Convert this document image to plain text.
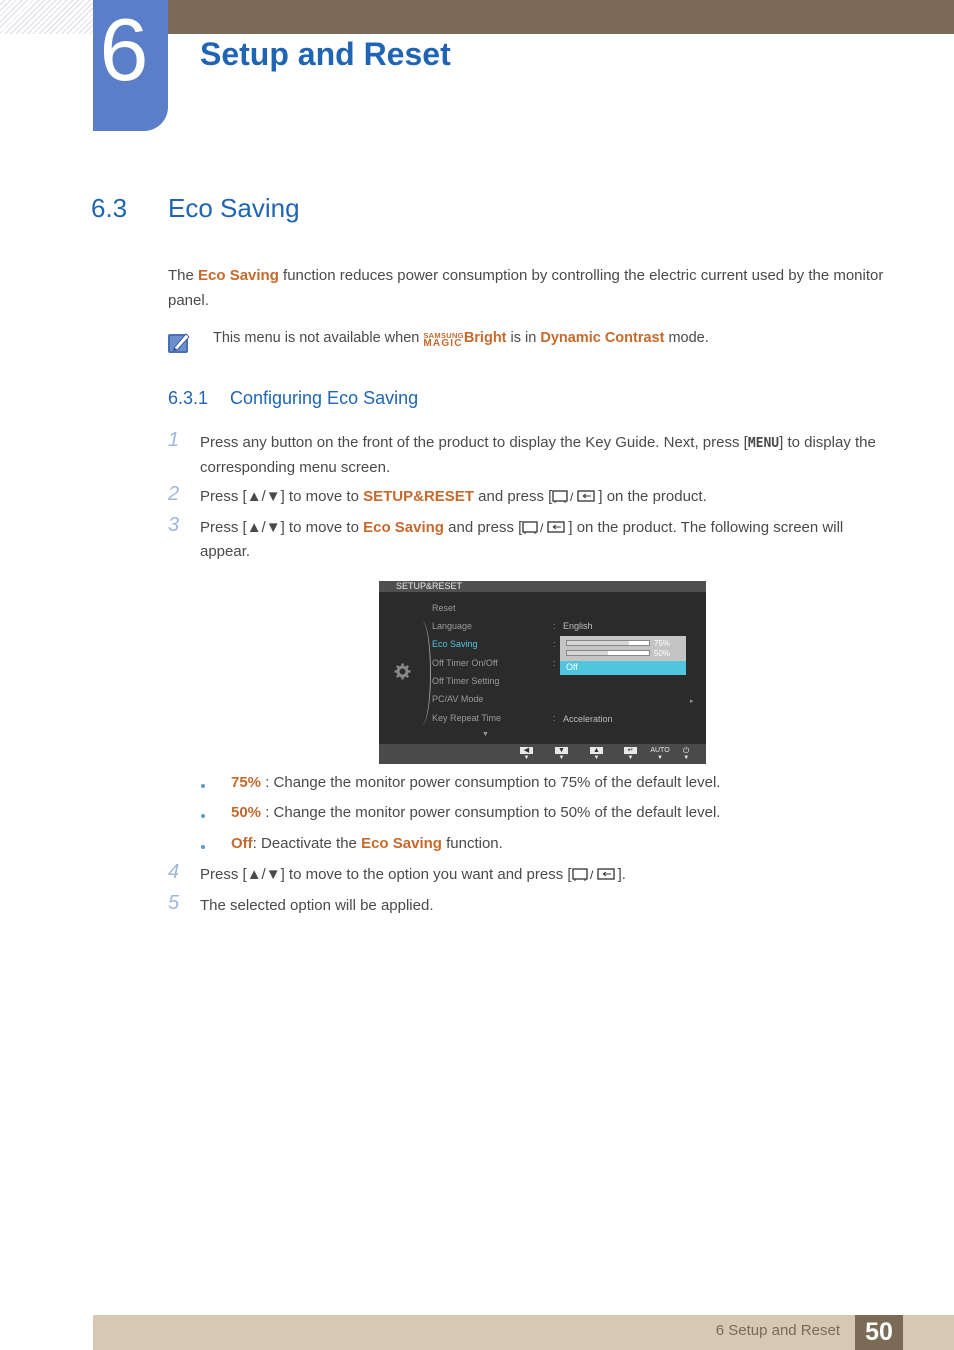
6 Setup and Reset
6.3 Eco Saving

The Eco Saving function reduces power consumption by controlling the electric current used by the monitor panel.

This menu is not available when SAMSUNG
MAGIC Bright is in Dynamic Contrast mode.
6.3.1 Configuring Eco Saving
1 Press any button on the front of the product to display the Key Guide. Next, press [MENU] to display the corresponding menu screen.
2 Press [▲/▼] to move to SETUP&RESET and press [ / ] on the product.
3 Press [▲/▼] to move to Eco Saving and press [ / ] on the product. The following screen will appear.
SETUP&RESET
Reset
Language	: English
Eco Saving	:
Off Timer On/Off	:
Off Timer Setting
PC/AV Mode	▸
Key Repeat Time	: Acceleration
▼
75%
50%
Off
◀
▼
▼
▼
▲
▼
↵
▼
AUTO
▼
⏻
▼
75% : Change the monitor power consumption to 75% of the default level.
50% : Change the monitor power consumption to 50% of the default level.
Off: Deactivate the Eco Saving function.
4 Press [▲/▼] to move to the option you want and press [ / ].
5 The selected option will be applied.
6 Setup and Reset	50
